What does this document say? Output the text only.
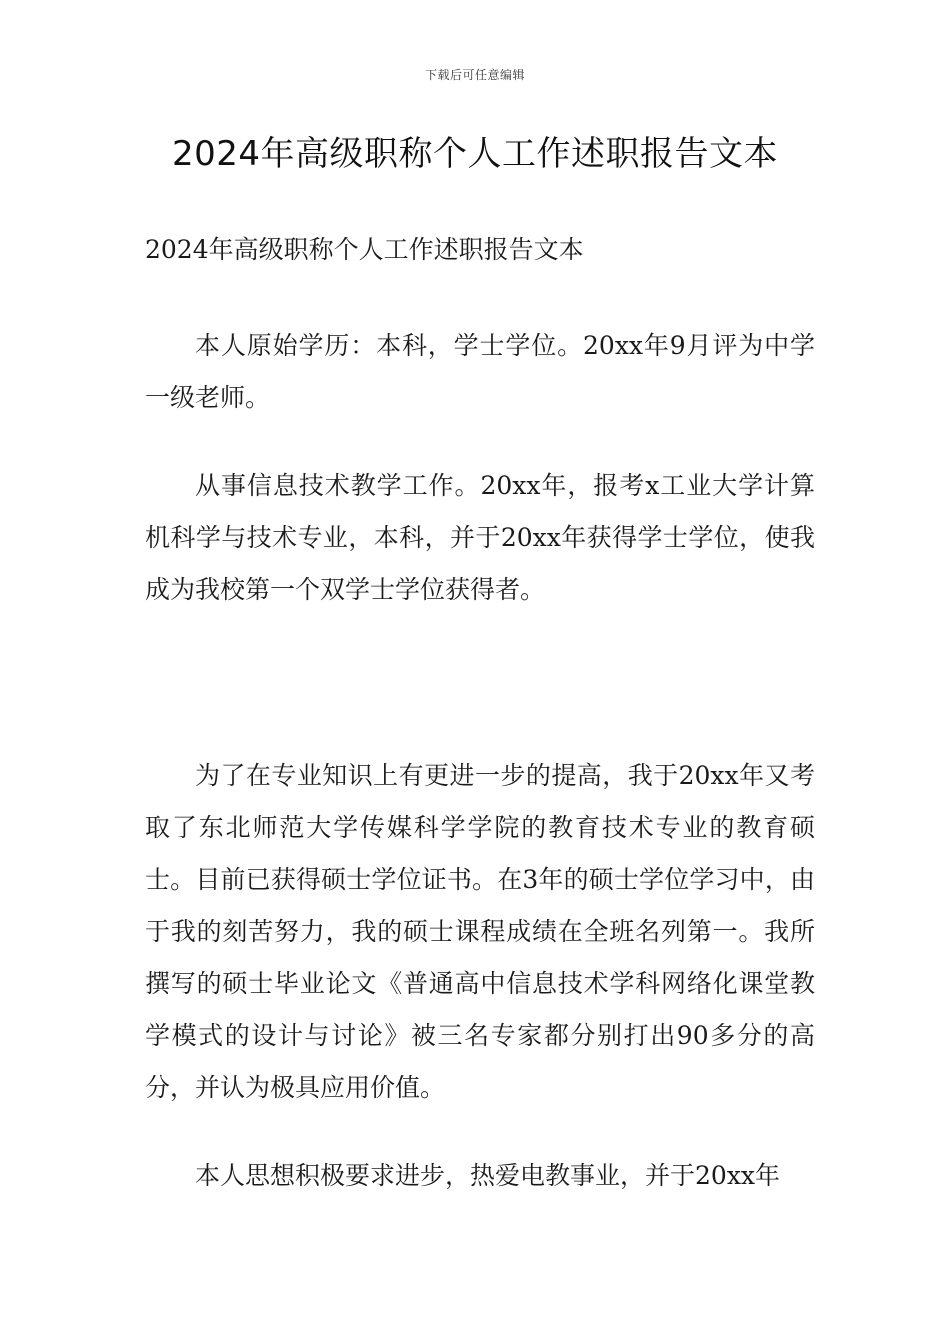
下载后可任意编辑
2024年高级职称个人工作述职报告文本

2024年高级职称个人工作述职报告文本

本人原始学历：本科，学士学位。20xx年9月评为中学一级老师。

从事信息技术教学工作。20xx年，报考x工业大学计算机科学与技术专业，本科，并于20xx年获得学士学位，使我成为我校第一个双学士学位获得者。

为了在专业知识上有更进一步的提高，我于20xx年又考取了东北师范大学传媒科学学院的教育技术专业的教育硕士。目前已获得硕士学位证书。在3年的硕士学位学习中，由于我的刻苦努力，我的硕士课程成绩在全班名列第一。我所撰写的硕士毕业论文《普通高中信息技术学科网络化课堂教学模式的设计与讨论》被三名专家都分别打出90多分的高分，并认为极具应用价值。

本人思想积极要求进步，热爱电教事业，并于20xx年
